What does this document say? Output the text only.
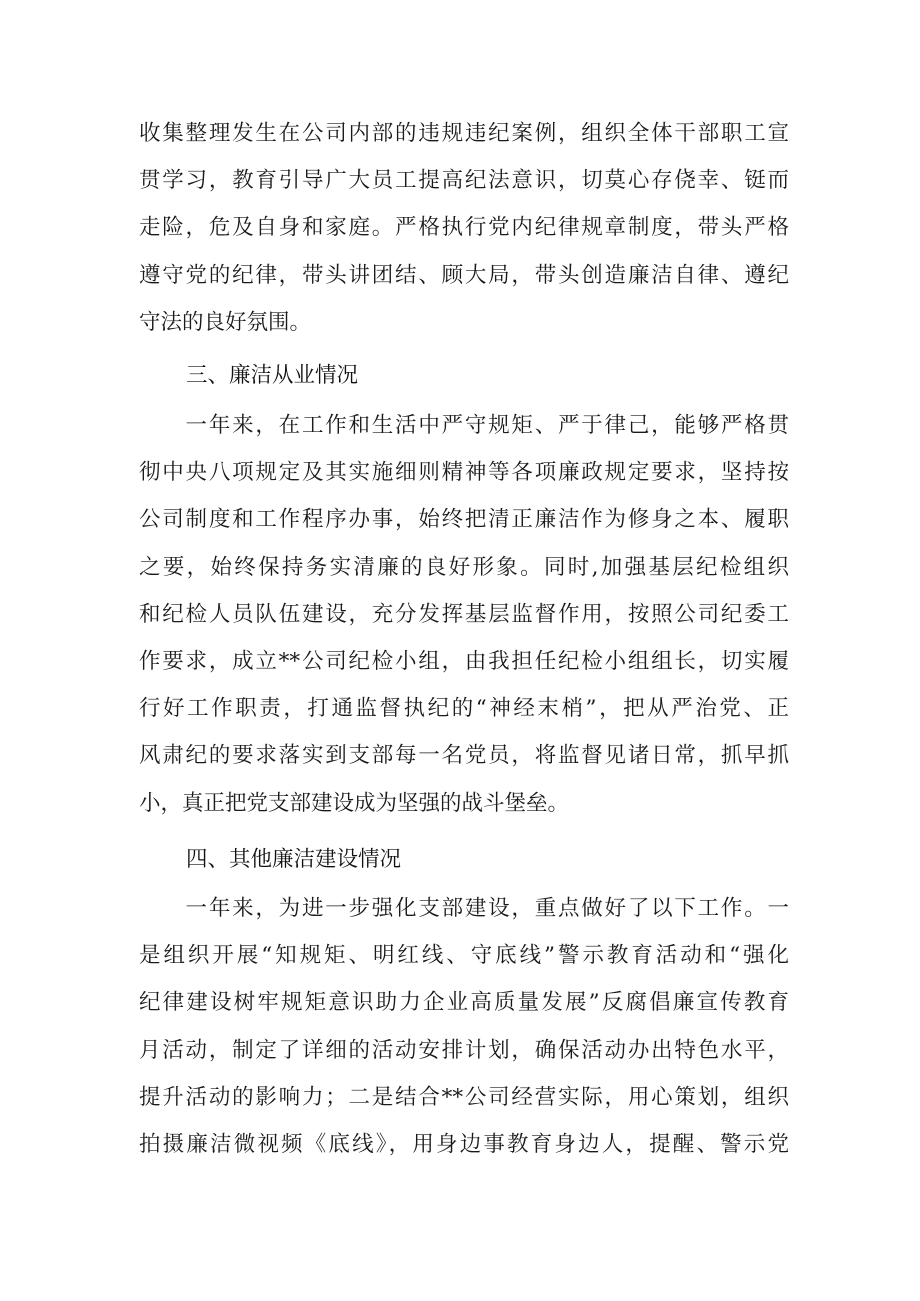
收集整理发生在公司内部的违规违纪案例，组织全体干部职工宣
贯学习，教育引导广大员工提高纪法意识，切莫心存侥幸、铤而
走险，危及自身和家庭。严格执行党内纪律规章制度，带头严格
遵守党的纪律，带头讲团结、顾大局，带头创造廉洁自律、遵纪
守法的良好氛围。
三、廉洁从业情况
　　一年来，在工作和生活中严守规矩、严于律己，能够严格贯
彻中央八项规定及其实施细则精神等各项廉政规定要求，坚持按
公司制度和工作程序办事，始终把清正廉洁作为修身之本、履职
之要，始终保持务实清廉的良好形象。同时,加强基层纪检组织
和纪检人员队伍建设，充分发挥基层监督作用，按照公司纪委工
作要求，成立**公司纪检小组，由我担任纪检小组组长，切实履
行好工作职责，打通监督执纪的“神经末梢”，把从严治党、正
风肃纪的要求落实到支部每一名党员，将监督见诸日常，抓早抓
小，真正把党支部建设成为坚强的战斗堡垒。
四、其他廉洁建设情况
　　一年来，为进一步强化支部建设，重点做好了以下工作。一
是组织开展“知规矩、明红线、守底线”警示教育活动和“强化
纪律建设树牢规矩意识助力企业高质量发展”反腐倡廉宣传教育
月活动，制定了详细的活动安排计划，确保活动办出特色水平，
提升活动的影响力；二是结合**公司经营实际，用心策划，组织
拍摄廉洁微视频《底线》，用身边事教育身边人，提醒、警示党
